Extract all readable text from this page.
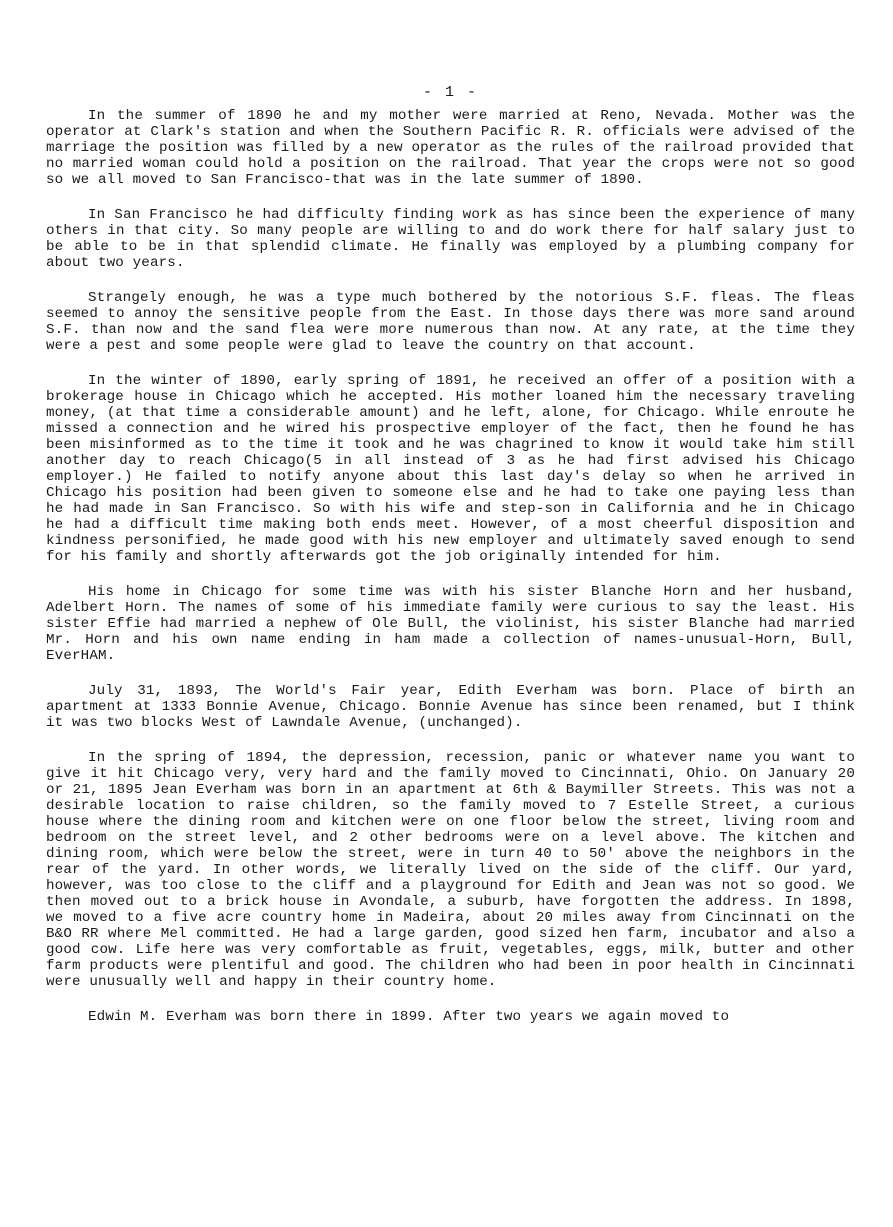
- 1 -

In the summer of 1890 he and my mother were married at Reno, Nevada. Mother was the operator at Clark's station and when the Southern Pacific R. R. officials were advised of the marriage the position was filled by a new operator as the rules of the railroad provided that no married woman could hold a position on the railroad. That year the crops were not so good so we all moved to San Francisco-that was in the late summer of 1890.

In San Francisco he had difficulty finding work as has since been the experience of many others in that city. So many people are willing to and do work there for half salary just to be able to be in that splendid climate. He finally was employed by a plumbing company for about two years.

Strangely enough, he was a type much bothered by the notorious S.F. fleas. The fleas seemed to annoy the sensitive people from the East. In those days there was more sand around S.F. than now and the sand flea were more numerous than now. At any rate, at the time they were a pest and some people were glad to leave the country on that account.

In the winter of 1890, early spring of 1891, he received an offer of a position with a brokerage house in Chicago which he accepted. His mother loaned him the necessary traveling money, (at that time a considerable amount) and he left, alone, for Chicago. While enroute he missed a connection and he wired his prospective employer of the fact, then he found he has been misinformed as to the time it took and he was chagrined to know it would take him still another day to reach Chicago(5 in all instead of 3 as he had first advised his Chicago employer.) He failed to notify anyone about this last day's delay so when he arrived in Chicago his position had been given to someone else and he had to take one paying less than he had made in San Francisco. So with his wife and step-son in California and he in Chicago he had a difficult time making both ends meet. However, of a most cheerful disposition and kindness personified, he made good with his new employer and ultimately saved enough to send for his family and shortly afterwards got the job originally intended for him.

His home in Chicago for some time was with his sister Blanche Horn and her husband, Adelbert Horn. The names of some of his immediate family were curious to say the least. His sister Effie had married a nephew of Ole Bull, the violinist, his sister Blanche had married Mr. Horn and his own name ending in ham made a collection of names-unusual-Horn, Bull, EverHAM.

July 31, 1893, The World's Fair year, Edith Everham was born. Place of birth an apartment at 1333 Bonnie Avenue, Chicago. Bonnie Avenue has since been renamed, but I think it was two blocks West of Lawndale Avenue, (unchanged).

In the spring of 1894, the depression, recession, panic or whatever name you want to give it hit Chicago very, very hard and the family moved to Cincinnati, Ohio. On January 20 or 21, 1895 Jean Everham was born in an apartment at 6th & Baymiller Streets. This was not a desirable location to raise children, so the family moved to 7 Estelle Street, a curious house where the dining room and kitchen were on one floor below the street, living room and bedroom on the street level, and 2 other bedrooms were on a level above. The kitchen and dining room, which were below the street, were in turn 40 to 50' above the neighbors in the rear of the yard. In other words, we literally lived on the side of the cliff. Our yard, however, was too close to the cliff and a playground for Edith and Jean was not so good. We then moved out to a brick house in Avondale, a suburb, have forgotten the address. In 1898, we moved to a five acre country home in Madeira, about 20 miles away from Cincinnati on the B&O RR where Mel committed. He had a large garden, good sized hen farm, incubator and also a good cow. Life here was very comfortable as fruit, vegetables, eggs, milk, butter and other farm products were plentiful and good. The children who had been in poor health in Cincinnati were unusually well and happy in their country home.

Edwin M. Everham was born there in 1899. After two years we again moved to
